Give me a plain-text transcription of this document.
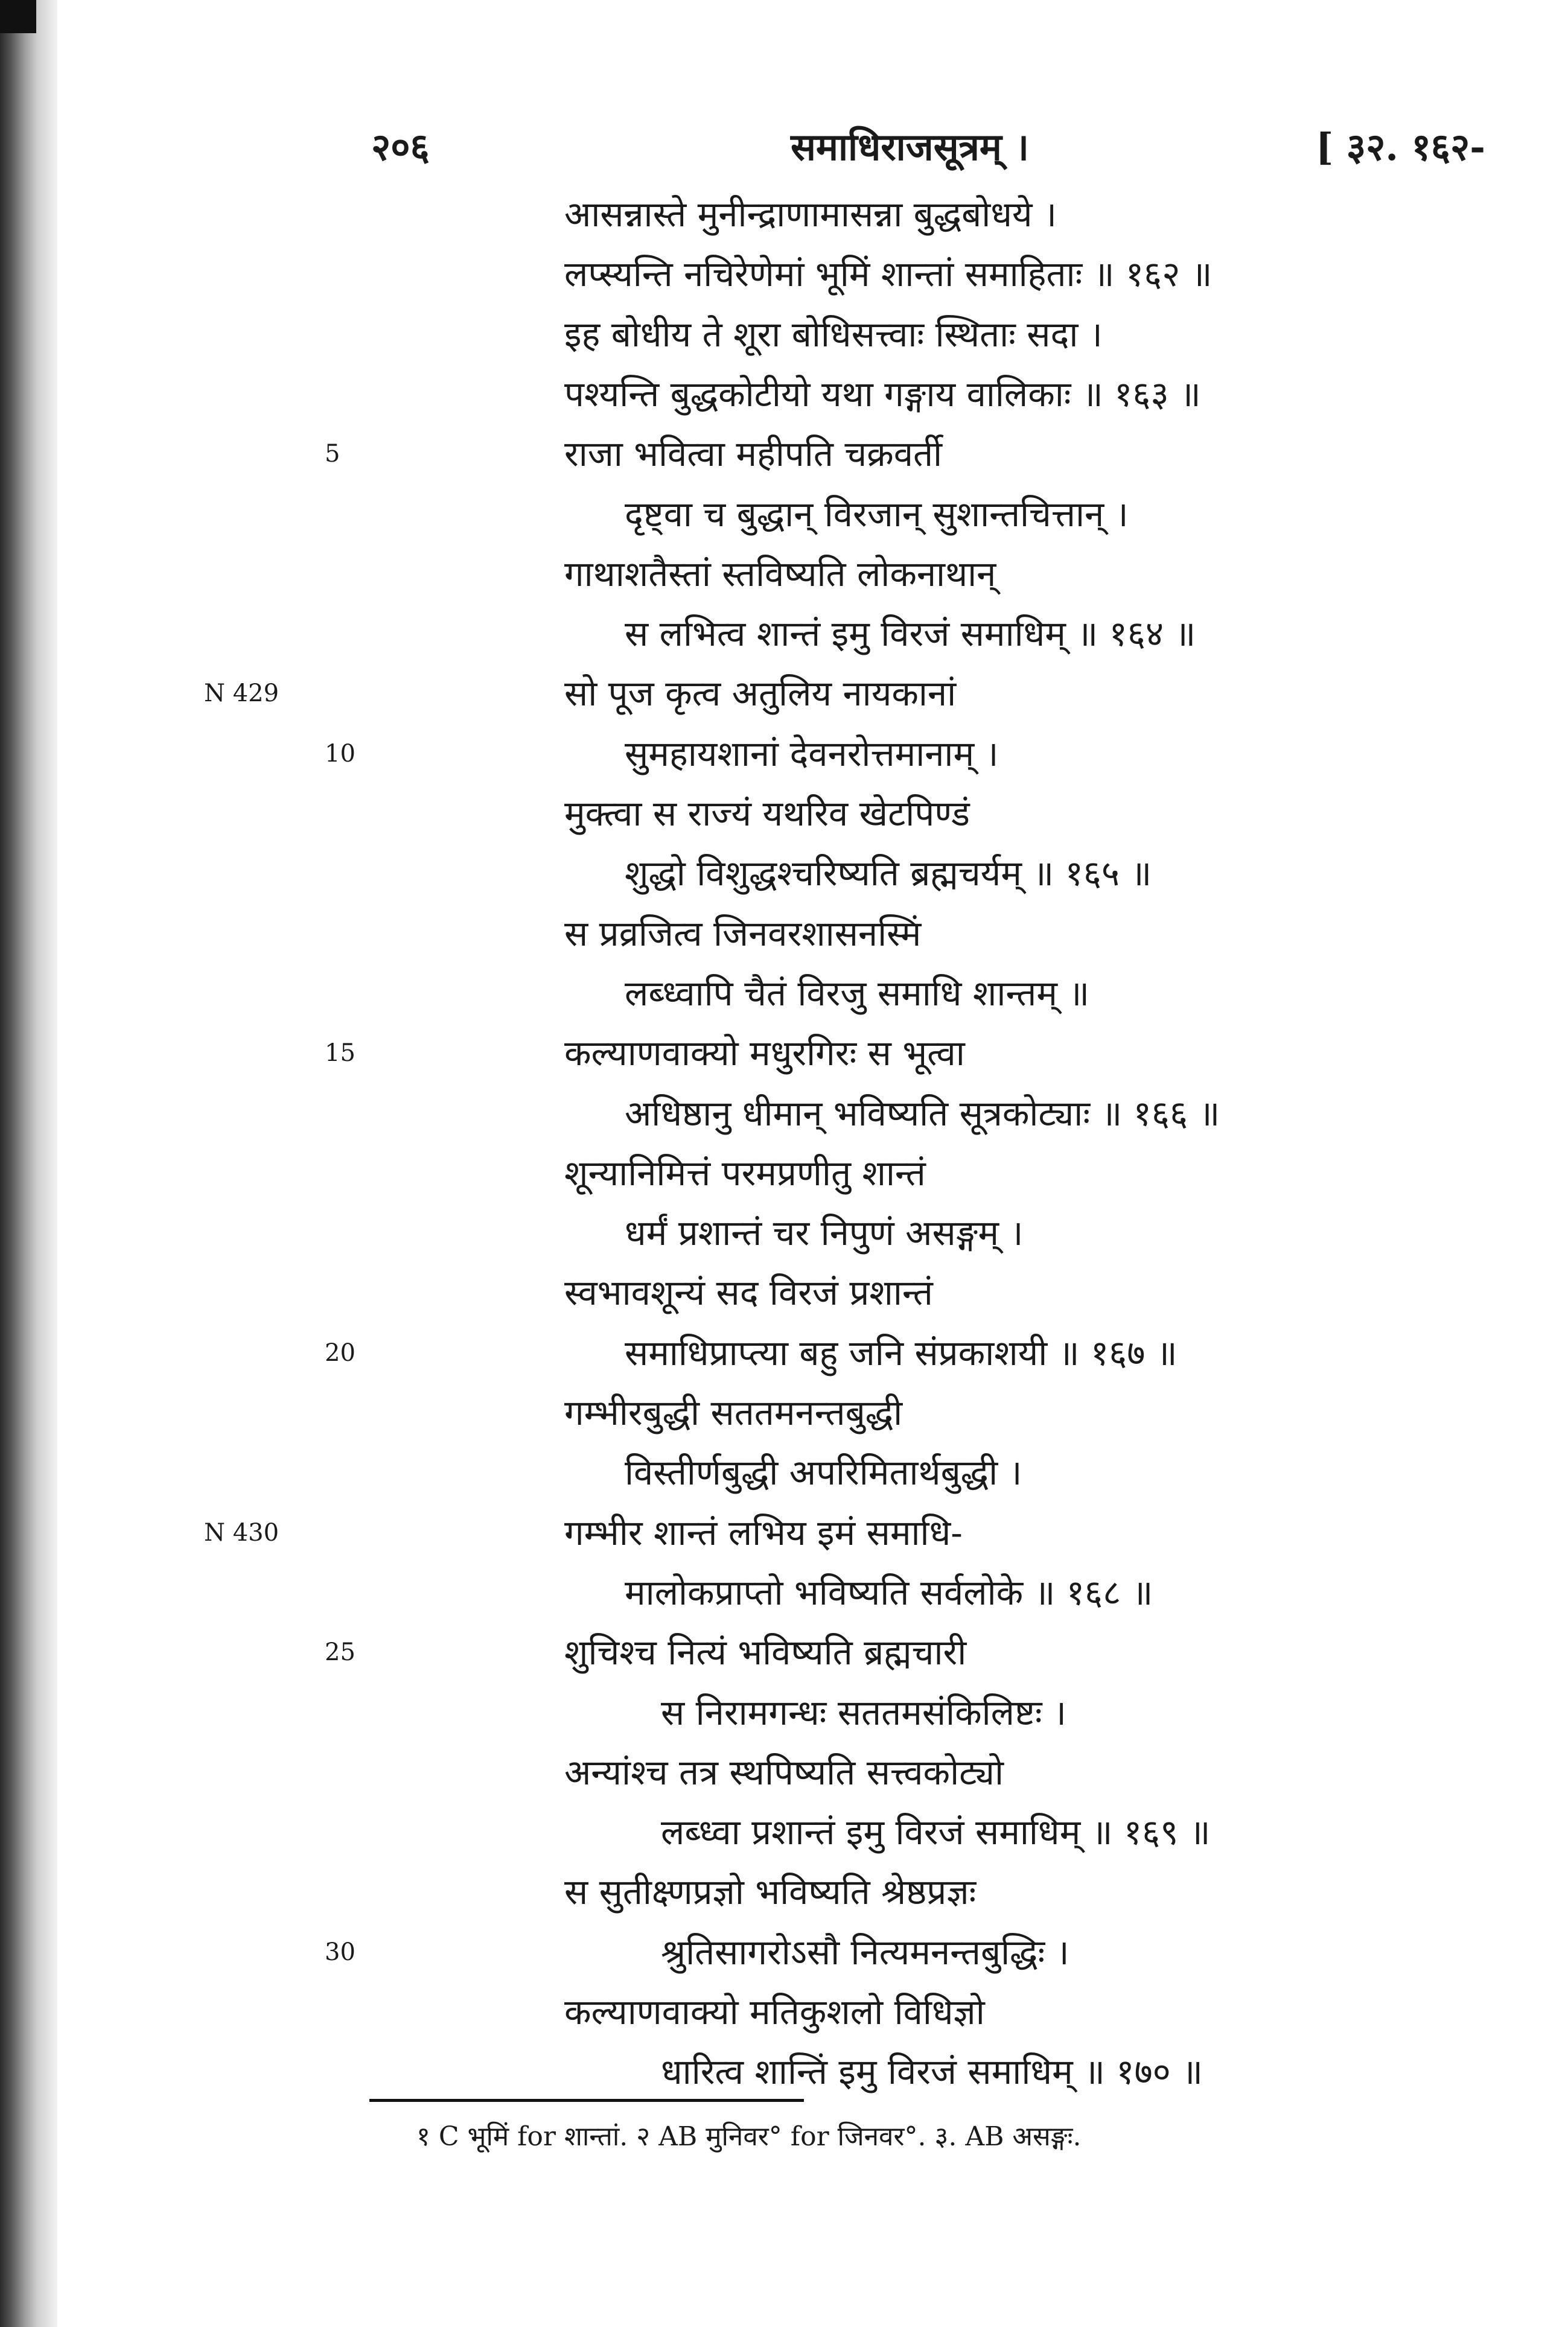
२०६	समाधिराजसूत्रम् ।	[ ३२. १६२-
आसन्नास्ते मुनीन्द्राणामासन्ना बुद्धबोधये ।
लप्स्यन्ति नचिरेणेमां भूमिं शान्तां समाहिताः ॥ १६२ ॥
इह बोधीय ते शूरा बोधिसत्त्वाः स्थिताः सदा ।
पश्यन्ति बुद्धकोटीयो यथा गङ्गाय वालिकाः ॥ १६३ ॥
राजा भवित्वा महीपति चक्रवर्ती
5
दृष्ट्वा च बुद्धान् विरजान् सुशान्तचित्तान् ।
गाथाशतैस्तां स्तविष्यति लोकनाथान्
स लभित्व शान्तं इमु विरजं समाधिम् ॥ १६४ ॥
सो पूज कृत्व अतुलिय नायकानां
N 429
सुमहायशानां देवनरोत्तमानाम् ।
10
मुक्त्वा स राज्यं यथरिव खेटपिण्डं
शुद्धो विशुद्धश्चरिष्यति ब्रह्मचर्यम् ॥ १६५ ॥
स प्रव्रजित्व जिनवरशासनस्मिं
लब्ध्वापि चैतं विरजु समाधि शान्तम् ॥
कल्याणवाक्यो मधुरगिरः स भूत्वा
15
अधिष्ठानु धीमान् भविष्यति सूत्रकोट्याः ॥ १६६ ॥
शून्यानिमित्तं परमप्रणीतु शान्तं
धर्मं प्रशान्तं चर निपुणं असङ्गम् ।
स्वभावशून्यं सद विरजं प्रशान्तं
समाधिप्राप्त्या बहु जनि संप्रकाशयी ॥ १६७ ॥
20
गम्भीरबुद्धी सततमनन्तबुद्धी
विस्तीर्णबुद्धी अपरिमितार्थबुद्धी ।
गम्भीर शान्तं लभिय इमं समाधि-
N 430
मालोकप्राप्तो भविष्यति सर्वलोके ॥ १६८ ॥
शुचिश्च नित्यं भविष्यति ब्रह्मचारी
25
स निरामगन्धः सततमसंकिलिष्टः ।
अन्यांश्च तत्र स्थपिष्यति सत्त्वकोट्यो
लब्ध्वा प्रशान्तं इमु विरजं समाधिम् ॥ १६९ ॥
स सुतीक्ष्णप्रज्ञो भविष्यति श्रेष्ठप्रज्ञः
श्रुतिसागरोऽसौ नित्यमनन्तबुद्धिः ।
30
कल्याणवाक्यो मतिकुशलो विधिज्ञो
धारित्व शान्तिं इमु विरजं समाधिम् ॥ १७० ॥
१ C भूमिं for शान्तां. २ AB मुनिवर° for जिनवर°. ३. AB असङ्गः.
